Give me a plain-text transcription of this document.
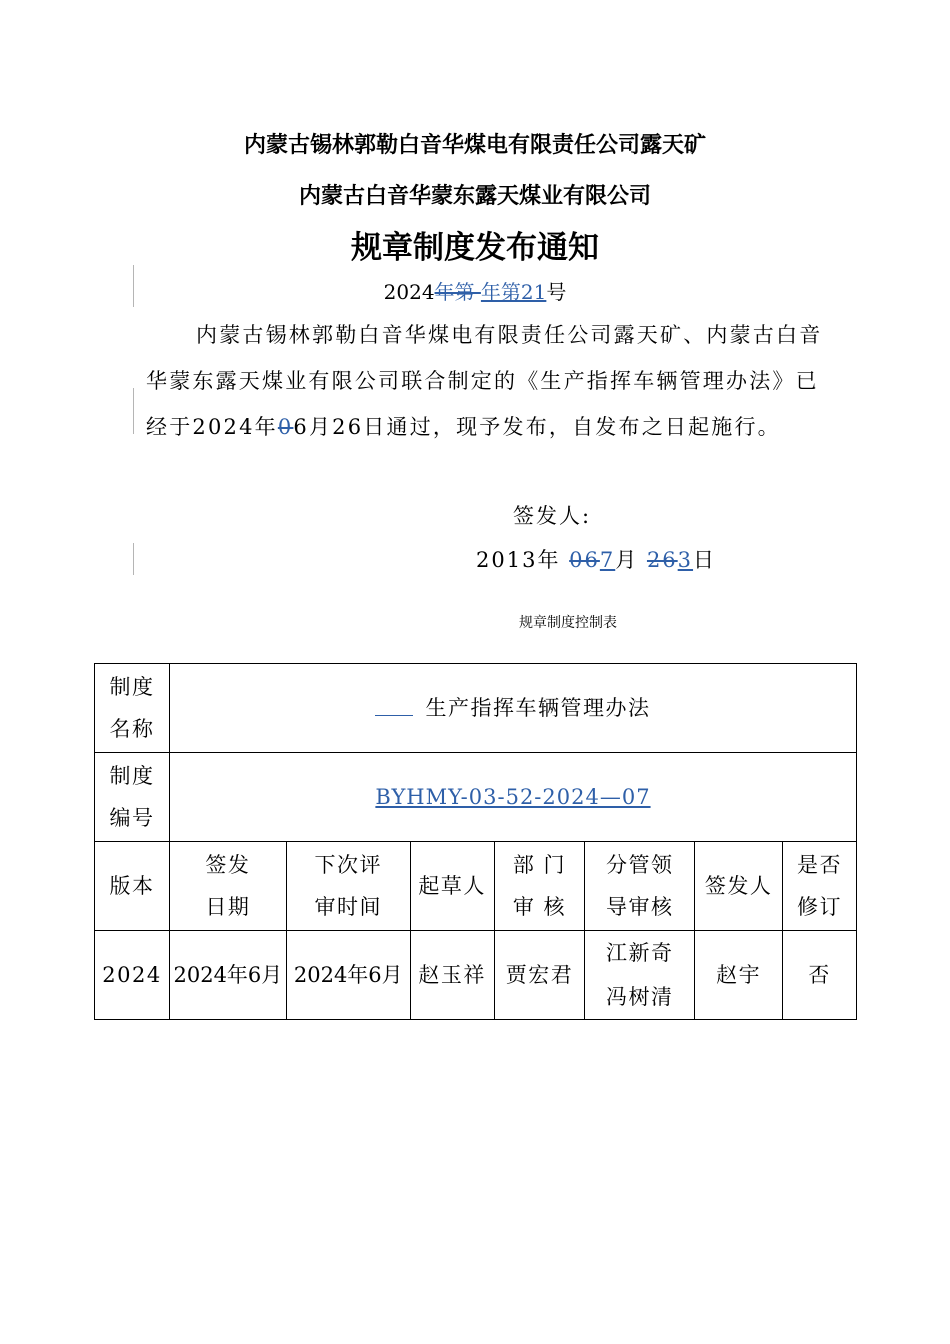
内蒙古锡林郭勒白音华煤电有限责任公司露天矿
内蒙古白音华蒙东露天煤业有限公司
规章制度发布通知
2024年第 年第21号
内蒙古锡林郭勒白音华煤电有限责任公司露天矿、内蒙古白音华蒙东露天煤业有限公司联合制定的《生产指挥车辆管理办法》已经于2024年06月26日通过，现予发布，自发布之日起施行。
签发人:
2013年 067月 263日
规章制度控制表
制度名称	生产指挥车辆管理办法						
制度编号	BYHMY-03-52-2024—07						
版本	签发日期	下次评审时间	起草人	部 门审 核	分管领导审核	签发人	是否修订
2024	2024年6月	2024年6月	赵玉祥	贾宏君	江新奇冯树清	赵宇	否
